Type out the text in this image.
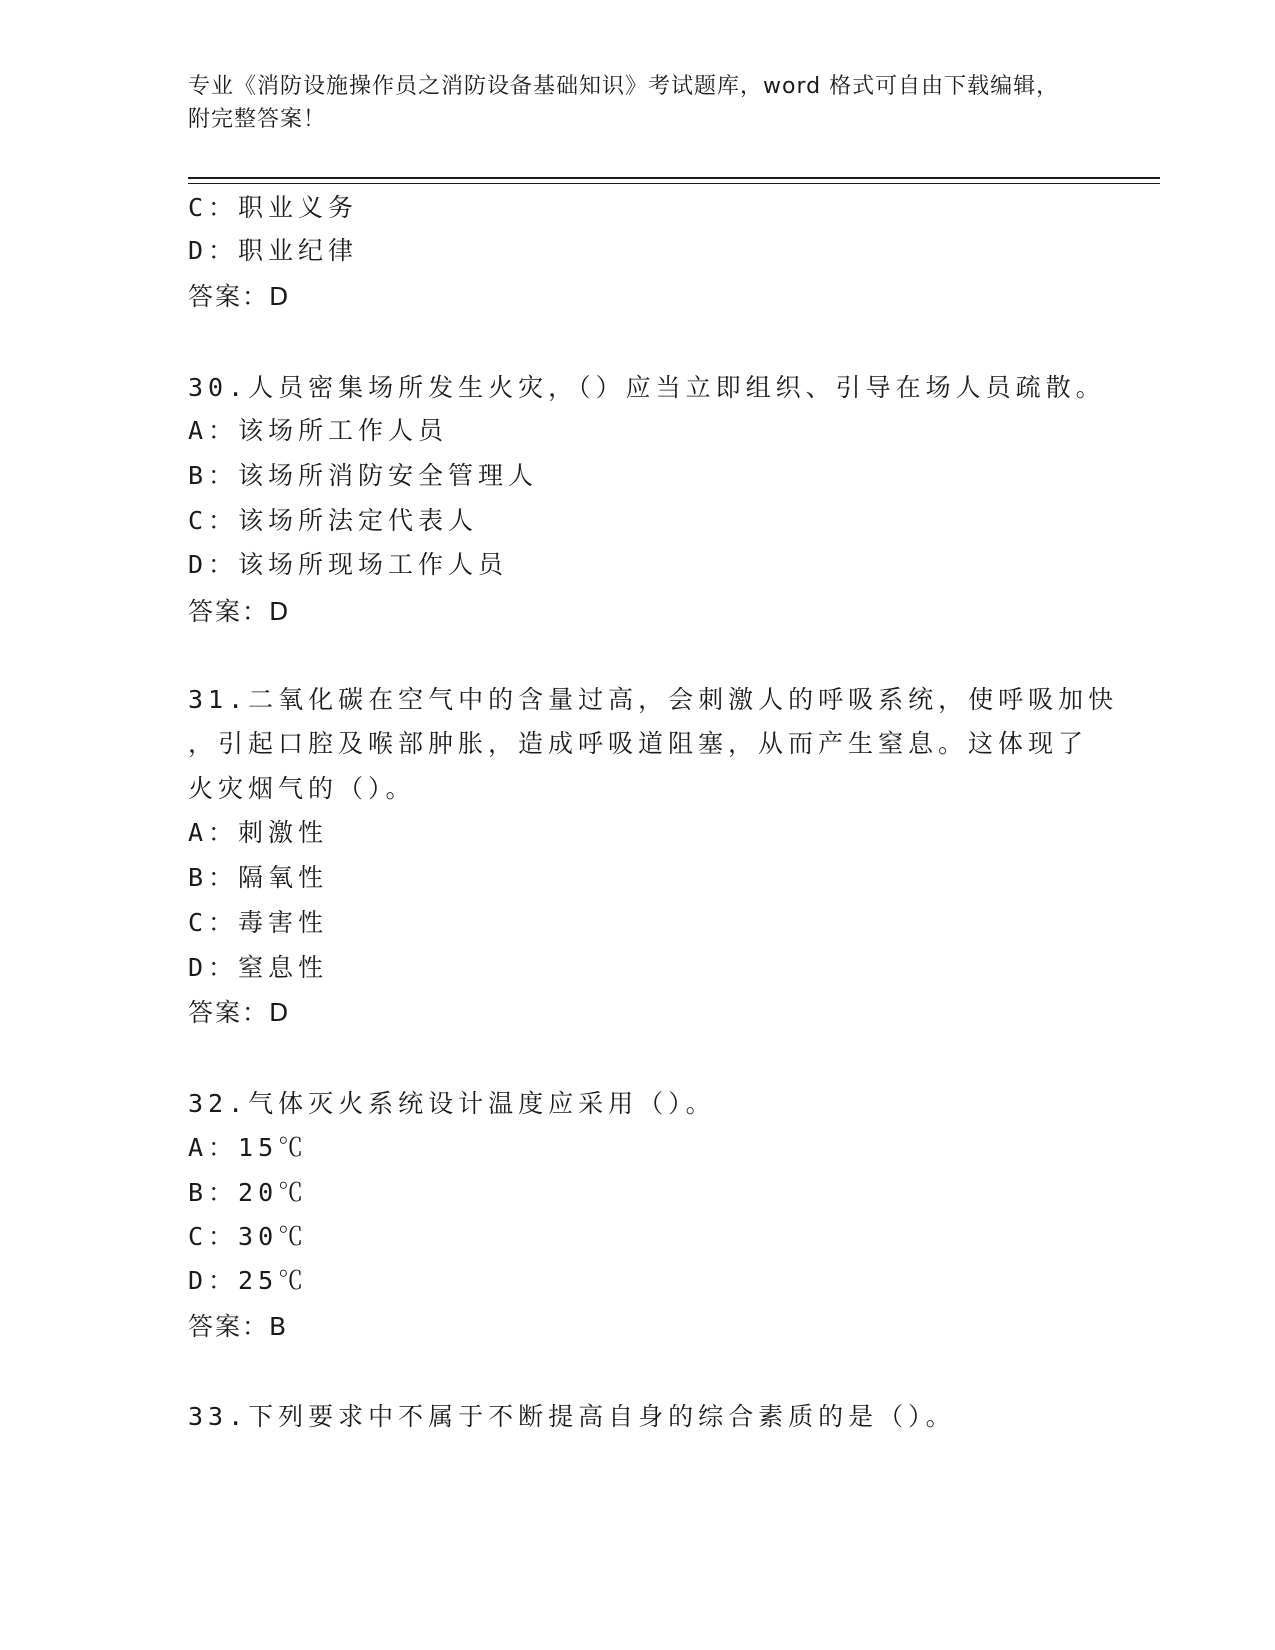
专业《消防设施操作员之消防设备基础知识》考试题库，word 格式可自由下载编辑，附完整答案！
C：职业义务
D：职业纪律
答案：D
30.人员密集场所发生火灾，（）应当立即组织、引导在场人员疏散。
A：该场所工作人员
B：该场所消防安全管理人
C：该场所法定代表人
D：该场所现场工作人员
答案：D
31.二氧化碳在空气中的含量过高，会刺激人的呼吸系统，使呼吸加快
，引起口腔及喉部肿胀，造成呼吸道阻塞，从而产生窒息。这体现了
火灾烟气的（）。
A：刺激性
B：隔氧性
C：毒害性
D：窒息性
答案：D
32.气体灭火系统设计温度应采用（）。
A：15℃
B：20℃
C：30℃
D：25℃
答案：B
33.下列要求中不属于不断提高自身的综合素质的是（）。
